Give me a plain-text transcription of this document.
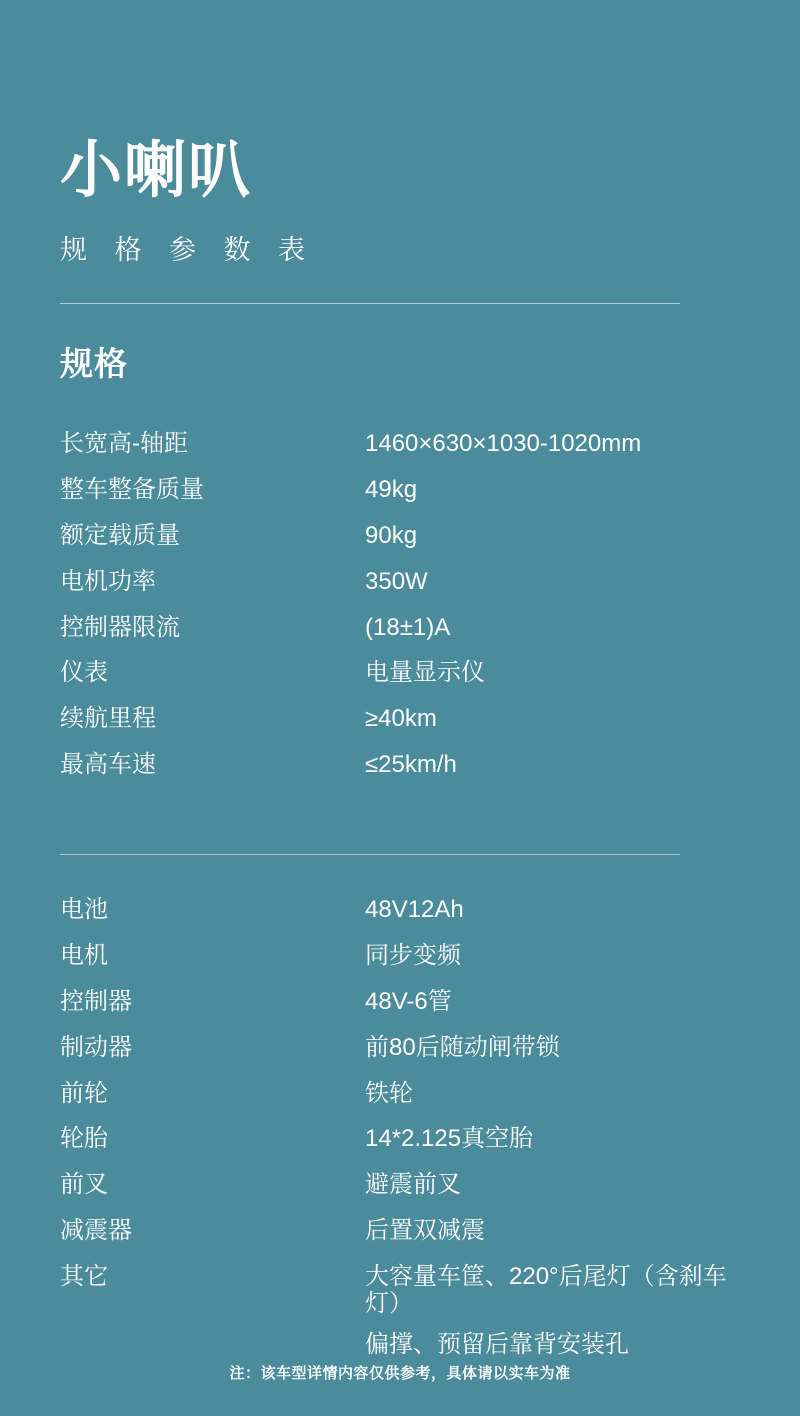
小喇叭
规 格 参 数 表
规格
长宽高-轴距	1460×630×1030-1020mm
整车整备质量	49kg
额定载质量	90kg
电机功率	350W
控制器限流	(18±1)A
仪表	电量显示仪
续航里程	≥40km
最高车速	≤25km/h
电池	48V12Ah
电机	同步变频
控制器	48V-6管
制动器	前80后随动闸带锁
前轮	铁轮
轮胎	14*2.125真空胎
前叉	避震前叉
减震器	后置双减震
其它	大容量车筐、220°后尾灯（含刹车灯）
偏撑、预留后靠背安装孔
注：该车型详情内容仅供参考，具体请以实车为准
